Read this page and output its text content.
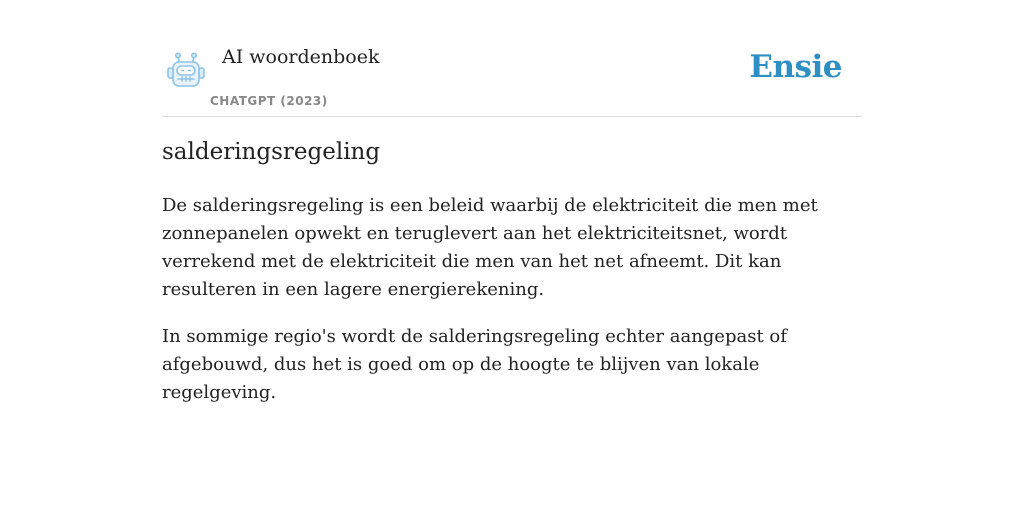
AI woordenboek
CHATGPT (2023)
Ensie
salderingsregeling

De salderingsregeling is een beleid waarbij de elektriciteit die men met zonnepanelen opwekt en teruglevert aan het elektriciteitsnet, wordt verrekend met de elektriciteit die men van het net afneemt. Dit kan resulteren in een lagere energierekening.

In sommige regio's wordt de salderingsregeling echter aangepast of afgebouwd, dus het is goed om op de hoogte te blijven van lokale regelgeving.
